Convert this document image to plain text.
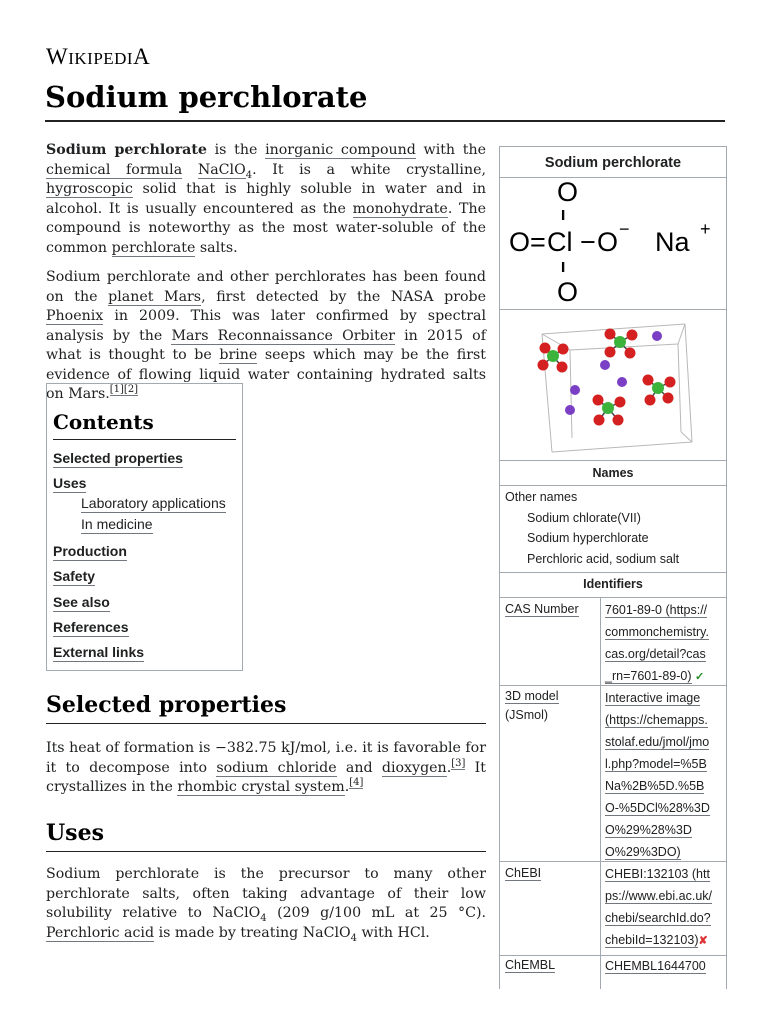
WIKIPEDIA
Sodium perchlorate

Sodium perchlorate is the inorganic compound with the chemical formula NaClO$_4$. It is a white crystalline, hygroscopic solid that is highly soluble in water and in alcohol. It is usually encountered as the monohydrate. The compound is noteworthy as the most water-soluble of the common perchlorate salts.

Sodium perchlorate and other perchlorates has been found on the planet Mars, first detected by the NASA probe Phoenix in 2009. This was later confirmed by spectral analysis by the Mars Reconnaissance Orbiter in 2015 of what is thought to be brine seeps which may be the first evidence of flowing liquid water containing hydrated salts on Mars.[1][2]

Contents
Selected properties
Uses
Laboratory applications
In medicine
Production
Safety
See also
References
External links
Selected properties

Its heat of formation is −382.75 kJ/mol, i.e. it is favorable for it to decompose into sodium chloride and dioxygen.[3] It crystallizes in the rhombic crystal system.[4]

Uses

Sodium perchlorate is the precursor to many other perchlorate salts, often taking advantage of their low solubility relative to NaClO$_4$ (209 g/100 mL at 25 °C). Perchloric acid is made by treating NaClO$_4$ with HCl.

Sodium perchlorate
O
ll
O = Cl − O − Na +
ll
O
Names
Other names
Sodium chlorate(VII)
Sodium hyperchlorate
Perchloric acid, sodium salt
Identifiers
CAS Number 7601-89-0 (https://
commonchemistry.
cas.org/detail?cas
_rn=7601-89-0) ✓
3D model
(JSmol)
Interactive image
(https://chemapps.
stolaf.edu/jmol/jmo
l.php?model=%5B
Na%2B%5D.%5B
O-%5DCl%28%3D
O%29%28%3D
O%29%3DO)
ChEBI	CHEBI:132103 (htt
ps://www.ebi.ac.uk/
chebi/searchId.do?
chebiId=132103)✘
ChEMBL	CHEMBL1644700
